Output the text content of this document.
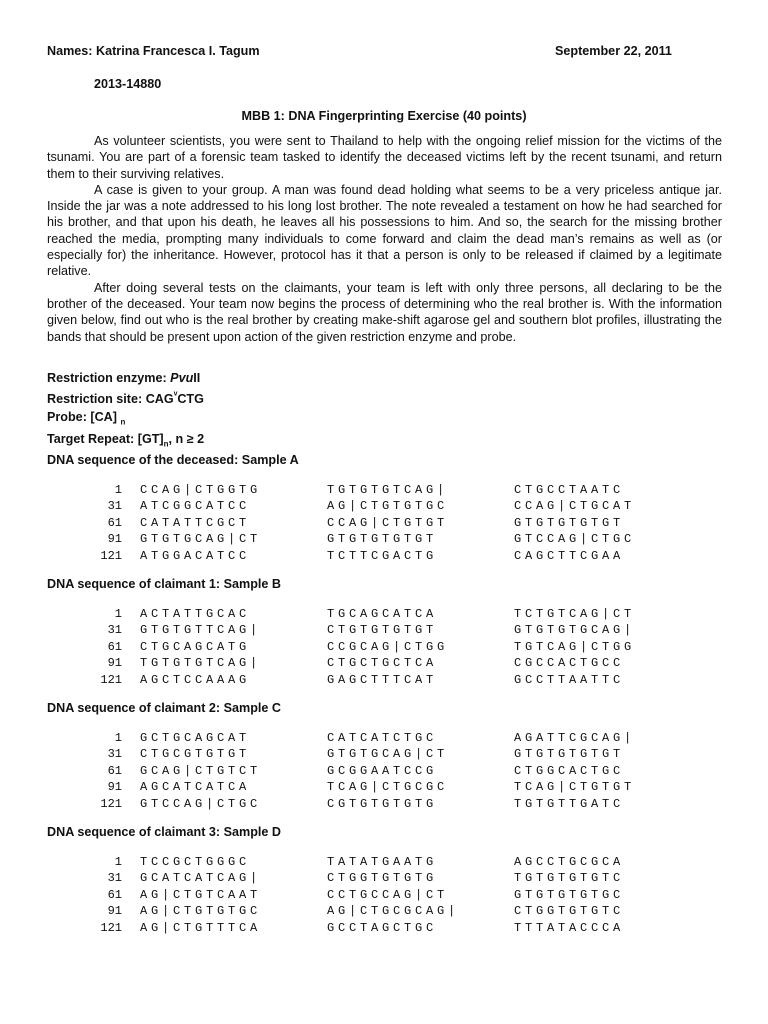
Names: Katrina Francesca I. Tagum	September 22, 2011
2013-14880
MBB 1: DNA Fingerprinting Exercise (40 points)

As volunteer scientists, you were sent to Thailand to help with the ongoing relief mission for the victims of the tsunami. You are part of a forensic team tasked to identify the deceased victims left by the recent tsunami, and return them to their surviving relatives.

A case is given to your group. A man was found dead holding what seems to be a very priceless antique jar. Inside the jar was a note addressed to his long lost brother. The note revealed a testament on how he had searched for his brother, and that upon his death, he leaves all his possessions to him. And so, the search for the missing brother reached the media, prompting many individuals to come forward and claim the dead man’s remains as well as (or especially for) the inheritance. However, protocol has it that a person is only to be released if claimed by a legitimate relative.

After doing several tests on the claimants, your team is left with only three persons, all declaring to be the brother of the deceased. Your team now begins the process of determining who the real brother is. With the information given below, find out who is the real brother by creating make-shift agarose gel and southern blot profiles, illustrating the bands that should be present upon action of the given restriction enzyme and probe.

Restriction enzyme: PvuII
Restriction site: $CAG^ᵛCTG$
Probe: [CA] $_n$
Target Repeat: $[GT]_n$, n ≥ 2
DNA sequence of the deceased: Sample A
1 CCAG|CTGGTG	TGTGTGTCAG|	CTGCCTAATC
31 ATCGGCATCC	AG|CTGTGTGC	CCAG|CTGCAT
61 CATATTCGCT	CCAG|CTGTGT	GTGTGTGTGT
91 GTGTGCAG|CT	GTGTGTGTGT	GTCCAG|CTGC
121 ATGGACATCC	TCTTCGACTG	CAGCTTCGAA
DNA sequence of claimant 1: Sample B
1 ACTATTGCAC	TGCAGCATCA	TCTGTCAG|CT
31 GTGTGTTCAG|	CTGTGTGTGT	GTGTGTGCAG|
61 CTGCAGCATG	CCGCAG|CTGG	TGTCAG|CTGG
91 TGTGTGTCAG|	CTGCTGCTCA	CGCCACTGCC
121 AGCTCCAAAG	GAGCTTTCAT	GCCTTAATTC
DNA sequence of claimant 2: Sample C
1 GCTGCAGCAT	CATCATCTGC	AGATTCGCAG|
31 CTGCGTGTGT	GTGTGCAG|CT	GTGTGTGTGT
61 GCAG|CTGTCT	GCGGAATCCG	CTGGCACTGC
91 AGCATCATCA	TCAG|CTGCGC	TCAG|CTGTGT
121 GTCCAG|CTGC	CGTGTGTGTG	TGTGTTGATC
DNA sequence of claimant 3: Sample D
1 TCCGCTGGGC	TATATGAATG	AGCCTGCGCA
31 GCATCATCAG|	CTGGTGTGTG	TGTGTGTGTC
61 AG|CTGTCAAT	CCTGCCAG|CT	GTGTGTGTGC
91 AG|CTGTGTGC	AG|CTGCGCAG|	CTGGTGTGTC
121 AG|CTGTTTCA	GCCTAGCTGC	TTTATACCCA
